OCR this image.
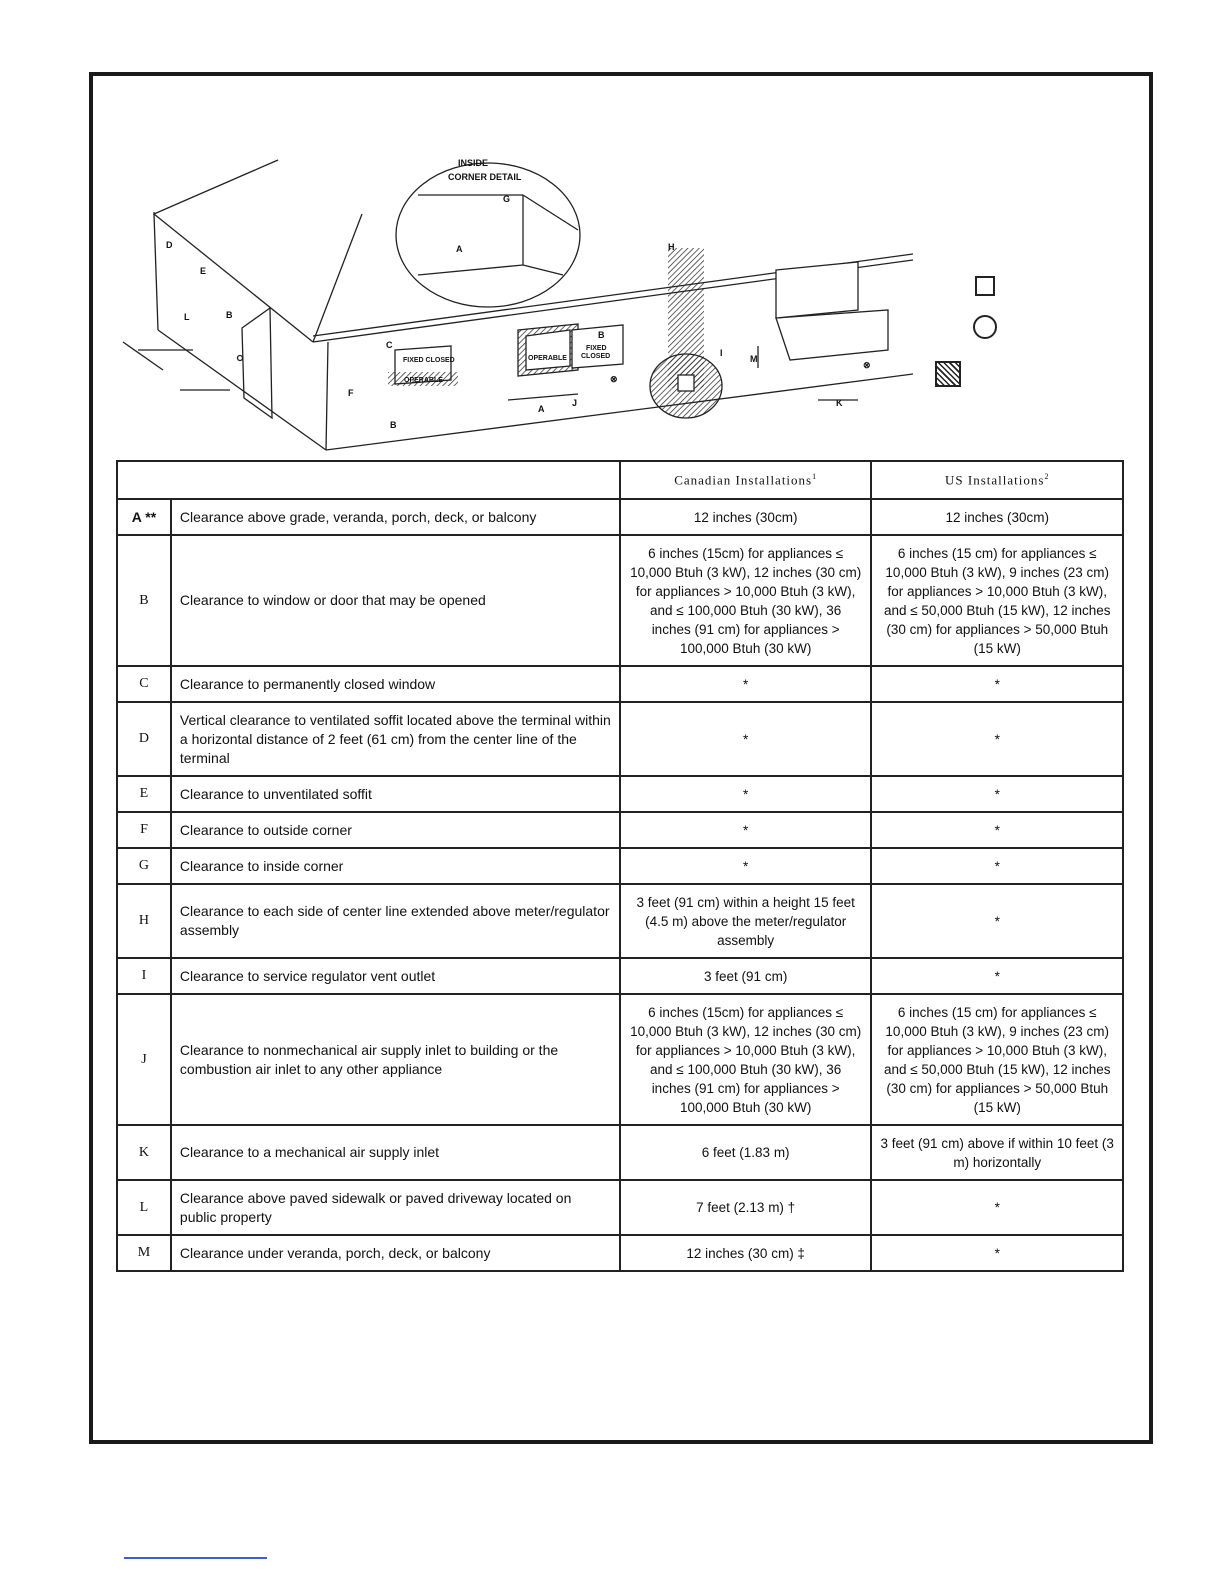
INSIDE
CORNER DETAIL
A
G
H
D
E
L	B
C
F
B
A
J
B
I
M
K
FIXED CLOSED
OPERABLE
OPERABLE
FIXED
CLOSED
⊗
⊗
		Canadian Installations$^1$	US Installations$^2$
A **	Clearance above grade, veranda, porch, deck, or balcony	12 inches (30cm)	12 inches (30cm)
B	Clearance to window or door that may be opened	6 inches (15cm) for appliances ≤ 10,000 Btuh (3 kW), 12 inches (30 cm) for appliances > 10,000 Btuh (3 kW), and ≤ 100,000 Btuh (30 kW), 36 inches (91 cm) for appliances > 100,000 Btuh (30 kW)	6 inches (15 cm) for appliances ≤ 10,000 Btuh (3 kW), 9 inches (23 cm) for appliances > 10,000 Btuh (3 kW), and ≤ 50,000 Btuh (15 kW), 12 inches (30 cm) for appliances > 50,000 Btuh (15 kW)
C	Clearance to permanently closed window	*	*
D	Vertical clearance to ventilated soffit located above the terminal within a horizontal distance of 2 feet (61 cm) from the center line of the terminal	*	*
E	Clearance to unventilated soffit	*	*
F	Clearance to outside corner	*	*
G	Clearance to inside corner	*	*
H	Clearance to each side of center line extended above meter/regulator assembly	3 feet (91 cm) within a height 15 feet (4.5 m) above the meter/regulator assembly	*
I	Clearance to service regulator vent outlet	3 feet (91 cm)	*
J	Clearance to nonmechanical air supply inlet to building or the combustion air inlet to any other appliance	6 inches (15cm) for appliances ≤ 10,000 Btuh (3 kW), 12 inches (30 cm) for appliances > 10,000 Btuh (3 kW), and ≤ 100,000 Btuh (30 kW), 36 inches (91 cm) for appliances > 100,000 Btuh (30 kW)	6 inches (15 cm) for appliances ≤ 10,000 Btuh (3 kW), 9 inches (23 cm) for appliances > 10,000 Btuh (3 kW), and ≤ 50,000 Btuh (15 kW), 12 inches (30 cm) for appliances > 50,000 Btuh (15 kW)
K	Clearance to a mechanical air supply inlet	6 feet (1.83 m)	3 feet (91 cm) above if within 10 feet (3 m) horizontally
L	Clearance above paved sidewalk or paved driveway located on public property	7 feet (2.13 m) †	*
M	Clearance under veranda, porch, deck, or balcony	12 inches (30 cm) ‡	*
